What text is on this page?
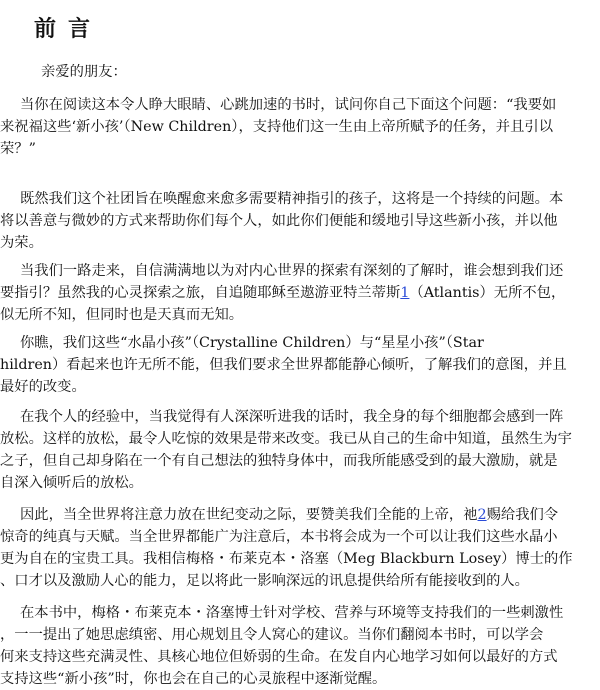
前言
亲爱的朋友：
当你在阅读这本令人睁大眼睛、心跳加速的书时，试问你自己下面这个问题：“我要如
来祝福这些‘新小孩’（New Children），支持他们这一生由上帝所赋予的任务，并且引以
荣？”
既然我们这个社团旨在唤醒愈来愈多需要精神指引的孩子，这将是一个持续的问题。本
将以善意与微妙的方式来帮助你们每个人，如此你们便能和缓地引导这些新小孩，并以他
为荣。
当我们一路走来，自信满满地以为对内心世界的探索有深刻的了解时，谁会想到我们还
要指引？虽然我的心灵探索之旅，自追随耶稣至遨游亚特兰蒂斯1（Atlantis）无所不包，
似无所不知，但同时也是天真而无知。
你瞧，我们这些“水晶小孩”（Crystalline Children）与“星星小孩”（Star
hildren）看起来也许无所不能，但我们要求全世界都能静心倾听，了解我们的意图，并且
最好的改变。
在我个人的经验中，当我觉得有人深深听进我的话时，我全身的每个细胞都会感到一阵
放松。这样的放松，最令人吃惊的效果是带来改变。我已从自己的生命中知道，虽然生为宇
之子，但自己却身陷在一个有自己想法的独特身体中，而我所能感受到的最大激励，就是
自深入倾听后的放松。
因此，当全世界将注意力放在世纪变动之际，要赞美我们全能的上帝，祂2赐给我们令
惊奇的纯真与天赋。当全世界都能广为注意后，本书将会成为一个可以让我们这些水晶小
更为自在的宝贵工具。我相信梅格・布莱克本・洛塞（Meg Blackburn Losey）博士的作
、口才以及激励人心的能力，足以将此一影响深远的讯息提供给所有能接收到的人。
在本书中，梅格・布莱克本・洛塞博士针对学校、营养与环境等支持我们的一些刺激性
，一一提出了她思虑缜密、用心规划且令人窝心的建议。当你们翻阅本书时，可以学会
何来支持这些充满灵性、具核心地位但娇弱的生命。在发自内心地学习如何以最好的方式
支持这些“新小孩”时，你也会在自己的心灵旅程中逐渐觉醒。
